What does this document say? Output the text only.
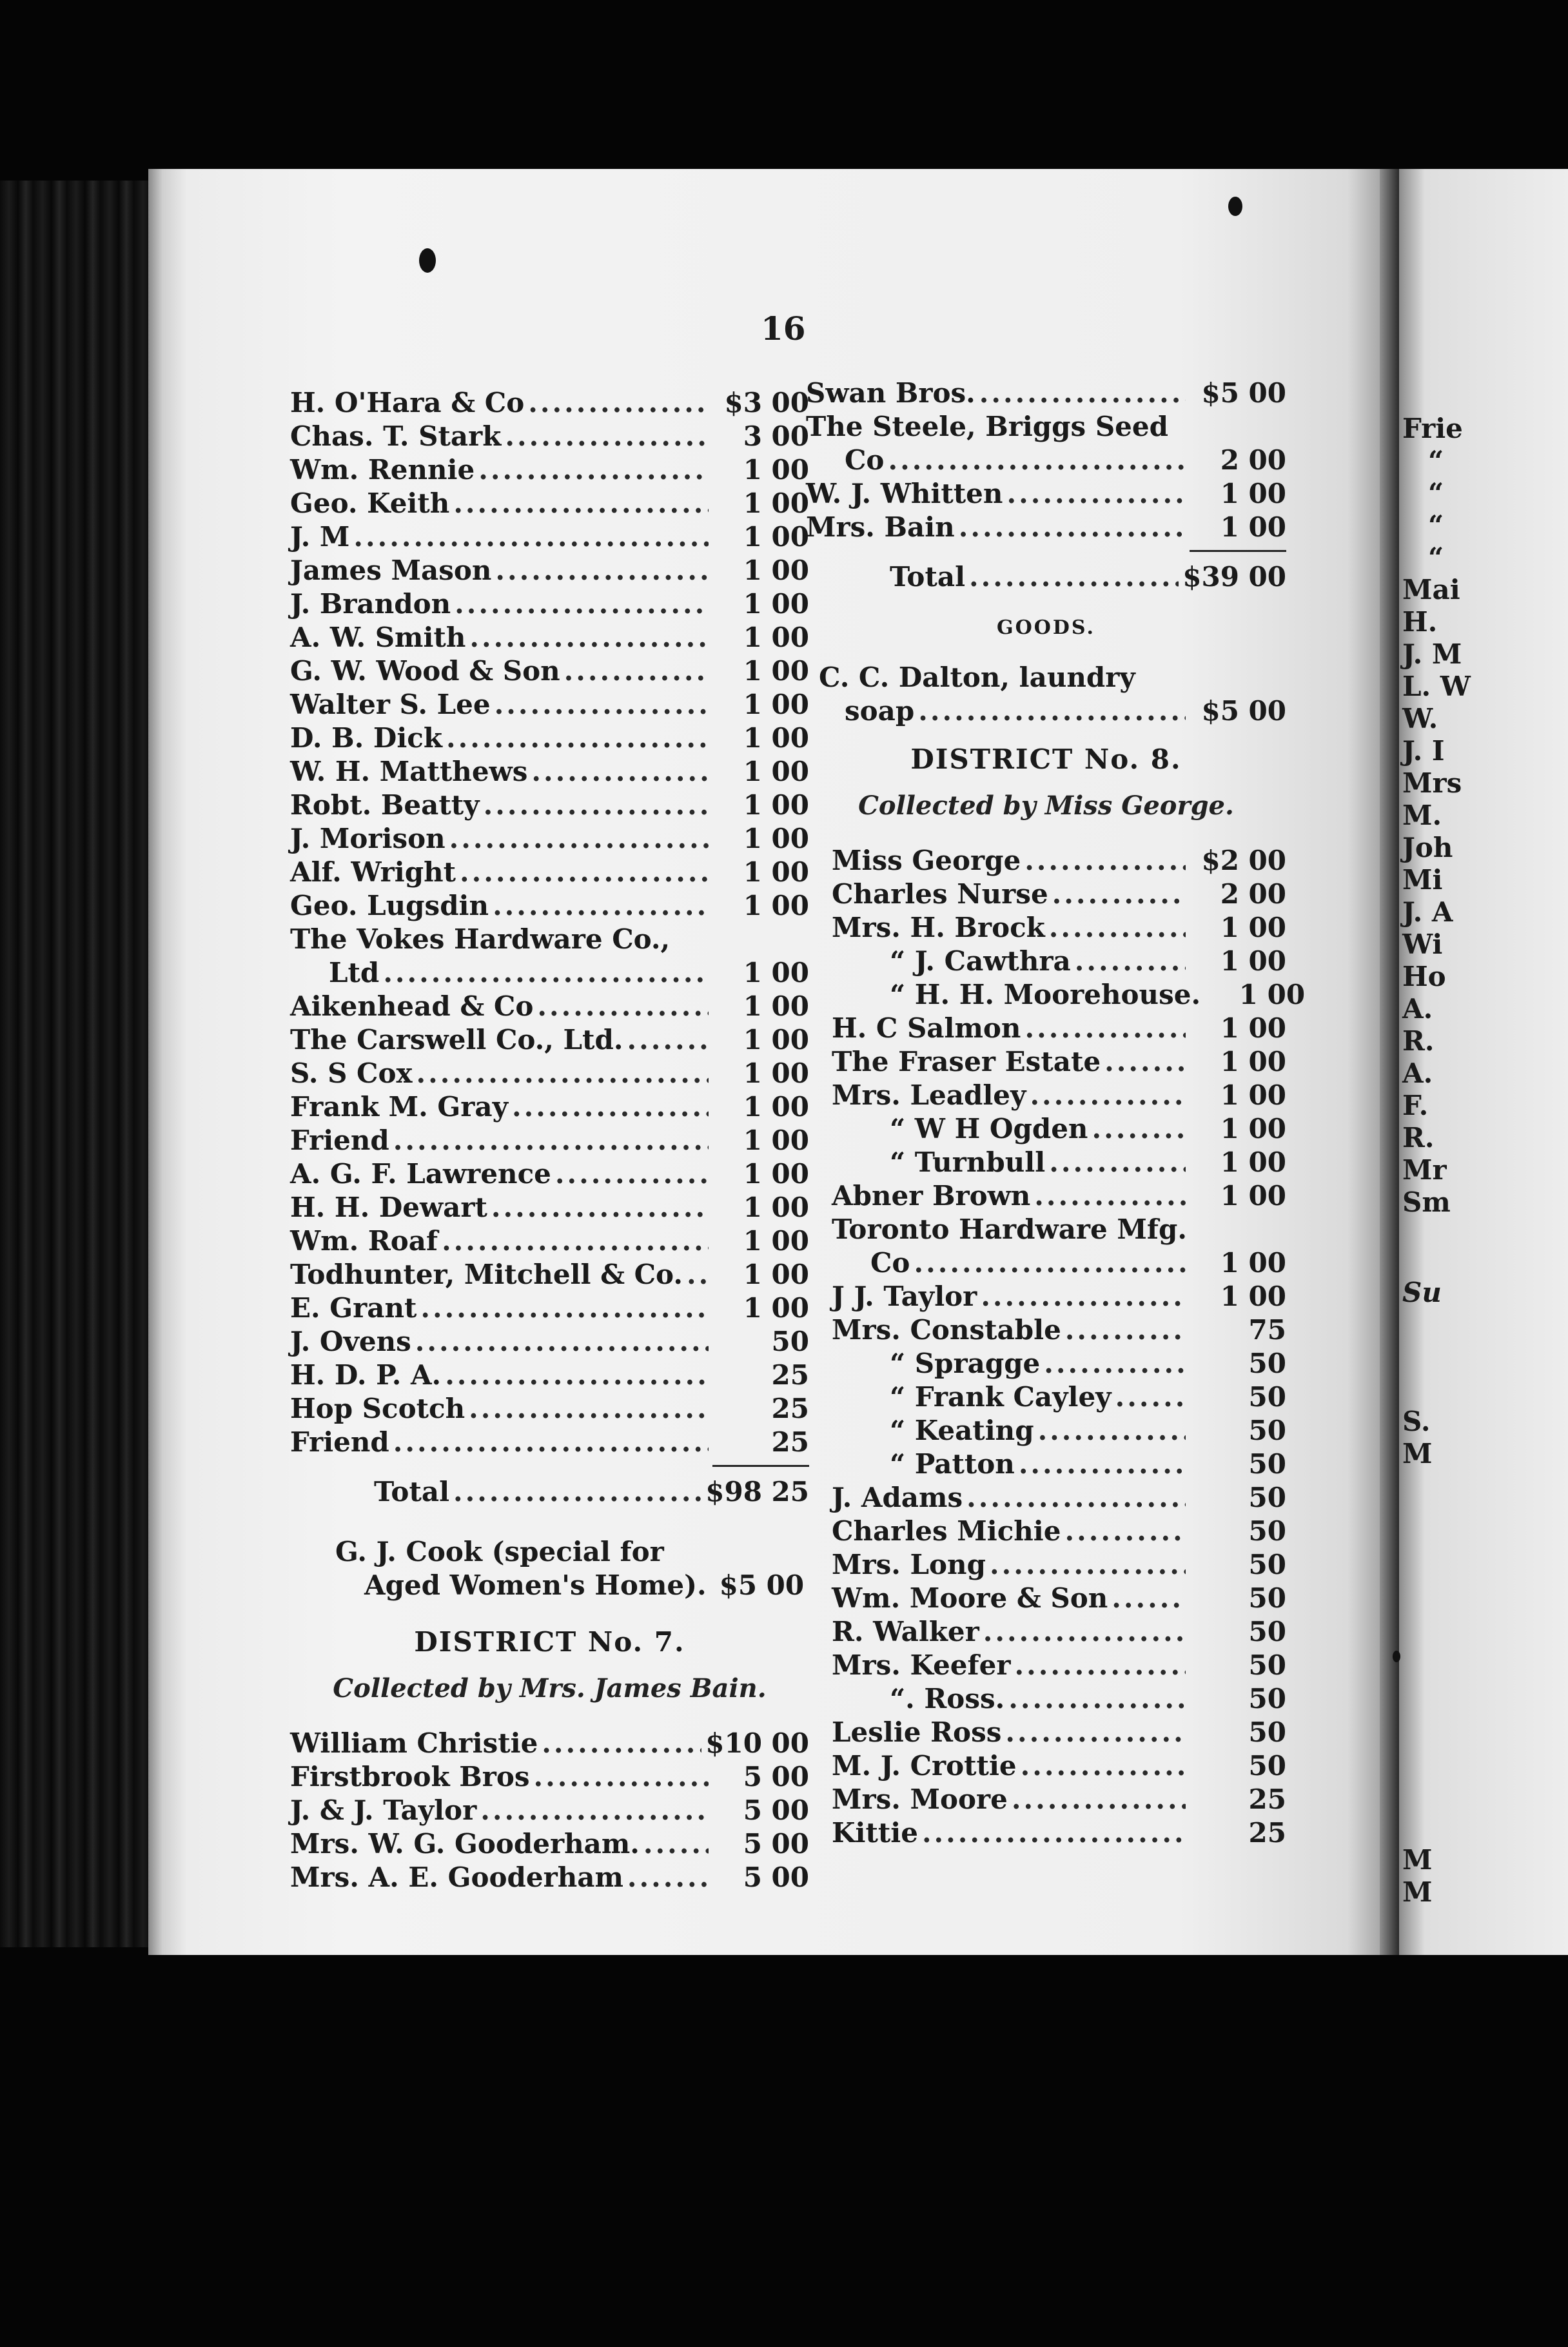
16
H. O'Hara & Co .....	$3 00
Chas. T. Stark .....	3 00
Wm. Rennie .....	1 00
Geo. Keith .....	1 00
J. M .....	1 00
James Mason .....	1 00
J. Brandon .....	1 00
A. W. Smith .....	1 00
G. W. Wood & Son .....	1 00
Walter S. Lee .....	1 00
D. B. Dick .....	1 00
W. H. Matthews .....	1 00
Robt. Beatty .....	1 00
J. Morison .....	1 00
Alf. Wright .....	1 00
Geo. Lugsdin .....	1 00
The Vokes Hardware Co.,
Ltd .....	1 00
Aikenhead & Co .....	1 00
The Carswell Co., Ltd. .....	1 00
S. S Cox .....	1 00
Frank M. Gray .....	1 00
Friend .....	1 00
A. G. F. Lawrence .....	1 00
H. H. Dewart .....	1 00
Wm. Roaf .....	1 00
Todhunter, Mitchell & Co. .....	1 00
E. Grant .....	1 00
J. Ovens .....	50
H. D. P. A. .....	25
Hop Scotch .....	25
Friend .....	25
Total .....	$98 25
G. J. Cook (special for
Aged Women's Home). $5 00
DISTRICT No. 7.
Collected by Mrs. James Bain.
William Christie .....	$10 00
Firstbrook Bros .....	5 00
J. & J. Taylor .....	5 00
Mrs. W. G. Gooderham. .....	5 00
Mrs. A. E. Gooderham .....	5 00
Swan Bros. .....	$5 00
The Steele, Briggs Seed
Co .....	2 00
W. J. Whitten .....	1 00
Mrs. Bain .....	1 00
Total .....	$39 00
GOODS.
C. C. Dalton, laundry
soap .....	$5 00
DISTRICT No. 8.
Collected by Miss George.
Miss George .....	$2 00
Charles Nurse .....	2 00
Mrs. H. Brock .....	1 00
“ J. Cawthra .....	1 00
“ H. H. Moorehouse.	1 00
H. C Salmon .....	1 00
The Fraser Estate .....	1 00
Mrs. Leadley .....	1 00
“ W H Ogden .....	1 00
“ Turnbull .....	1 00
Abner Brown .....	1 00
Toronto Hardware Mfg.
Co .....	1 00
J J. Taylor .....	1 00
Mrs. Constable .....	75
“ Spragge .....	50
“ Frank Cayley .....	50
“ Keating .....	50
“ Patton .....	50
J. Adams .....	50
Charles Michie .....	50
Mrs. Long .....	50
Wm. Moore & Son .....	50
R. Walker .....	50
Mrs. Keefer .....	50
“. Ross. .....	50
Leslie Ross .....	50
M. J. Crottie .....	50
Mrs. Moore .....	25
Kittie .....	25
Frie
“
“
“
“
Mai
H.
J. M
L. W
W.
J. I
Mrs
M.
Joh
Mi
J. A
Wi
Ho
A.
R.
A.
F.
R.
Mr
Sm
Su
S.
M
M
M
